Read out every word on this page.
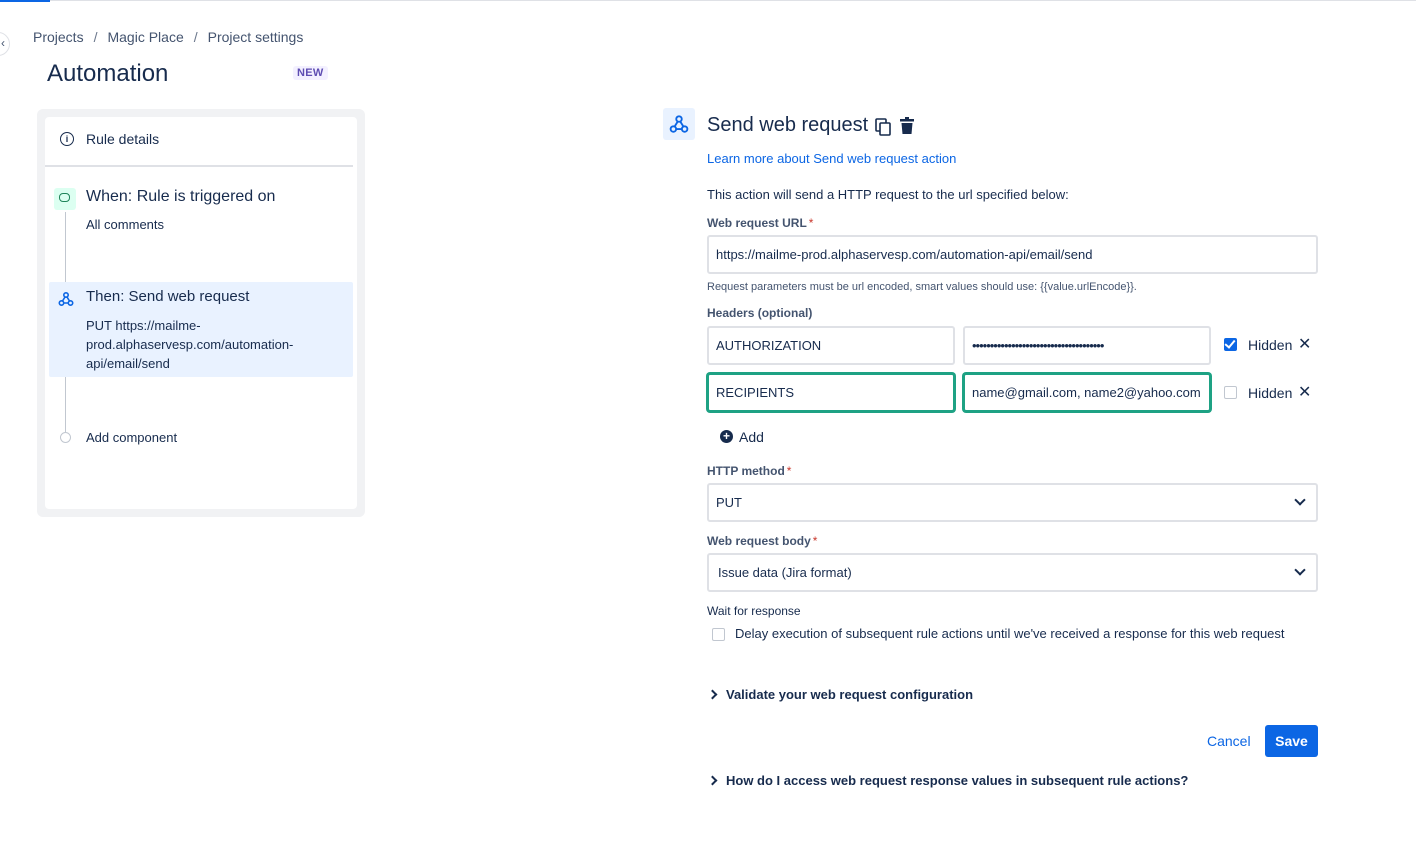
‹ Projects / Magic Place / Project settings
Automation	NEW
i	Rule details
When: Rule is triggered on
All comments
Then: Send web request
PUT https://mailme-prod.alphaservesp.com/automation-api/email/send
Add component
Send web request
Learn more about Send web request action
This action will send a HTTP request to the url specified below:
Web request URL *
https://mailme-prod.alphaservesp.com/automation-api/email/send
Request parameters must be url encoded, smart values should use: {{value.urlEncode}}.
Headers (optional)
AUTHORIZATION	•••••••••••••••••••••••••••••••••••••	Hidden ✕
RECIPIENTS	name@gmail.com, name2@yahoo.com	Hidden ✕
+ Add
HTTP method *
PUT
Web request body *
Issue data (Jira format)
Wait for response
Delay execution of subsequent rule actions until we've received a response for this web request
Validate your web request configuration
Cancel	Save
How do I access web request response values in subsequent rule actions?
